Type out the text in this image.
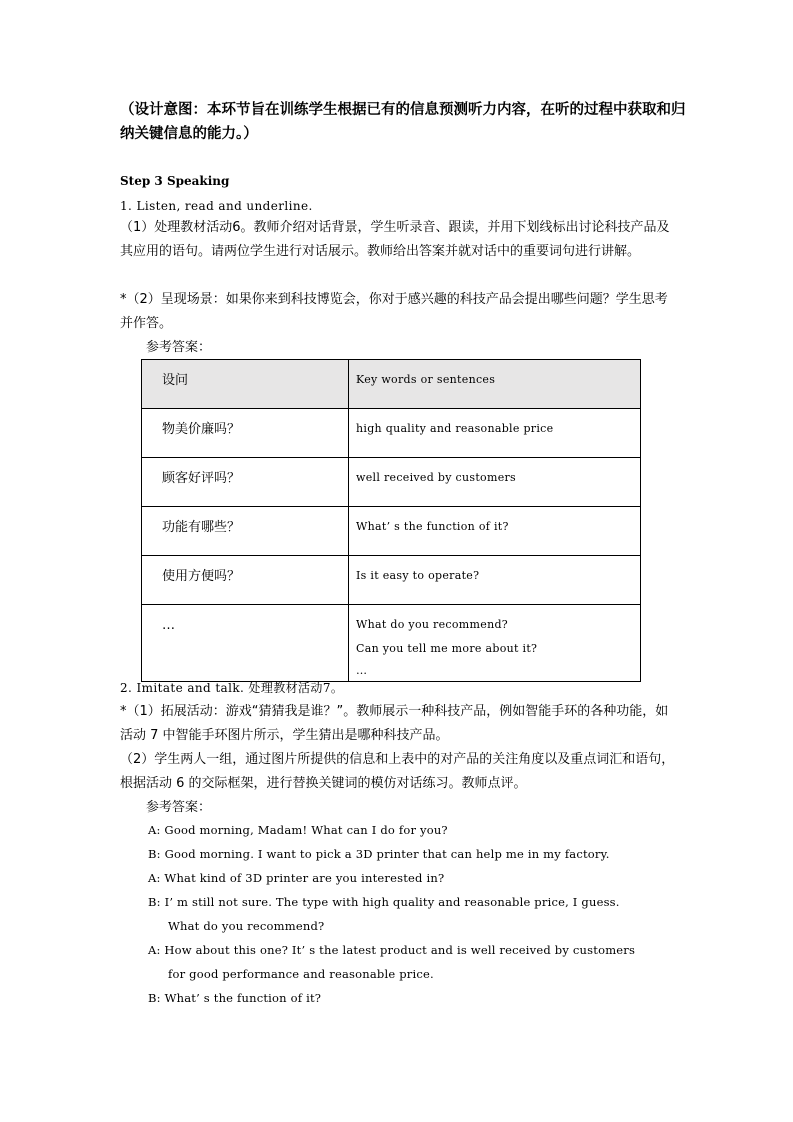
（设计意图：本环节旨在训练学生根据已有的信息预测听力内容，在听的过程中获取和归纳关键信息的能力。）
Step 3 Speaking
1. Listen, read and underline.
（1）处理教材活动6。教师介绍对话背景，学生听录音、跟读，并用下划线标出讨论科技产品及其应用的语句。请两位学生进行对话展示。教师给出答案并就对话中的重要词句进行讲解。
*（2）呈现场景：如果你来到科技博览会，你对于感兴趣的科技产品会提出哪些问题？学生思考并作答。
参考答案：
设问	Key words or sentences

物美价廉吗？	high quality and reasonable price

顾客好评吗？	well received by customers

功能有哪些？	What’ s the function of it?

使用方便吗？	Is it easy to operate?

…	What do you recommend?
Can you tell me more about it?
…
2. Imitate and talk. 处理教材活动7。
*（1）拓展活动：游戏“猜猜我是谁？”。教师展示一种科技产品，例如智能手环的各种功能，如活动 7 中智能手环图片所示，学生猜出是哪种科技产品。
（2）学生两人一组，通过图片所提供的信息和上表中的对产品的关注角度以及重点词汇和语句，根据活动 6 的交际框架，进行替换关键词的模仿对话练习。教师点评。
参考答案：
A: Good morning, Madam! What can I do for you?
B: Good morning. I want to pick a 3D printer that can help me in my factory.
A: What kind of 3D printer are you interested in?
B: I’ m still not sure. The type with high quality and reasonable price, I guess.
What do you recommend?
A: How about this one? It’ s the latest product and is well received by customers
for good performance and reasonable price.
B: What’ s the function of it?
